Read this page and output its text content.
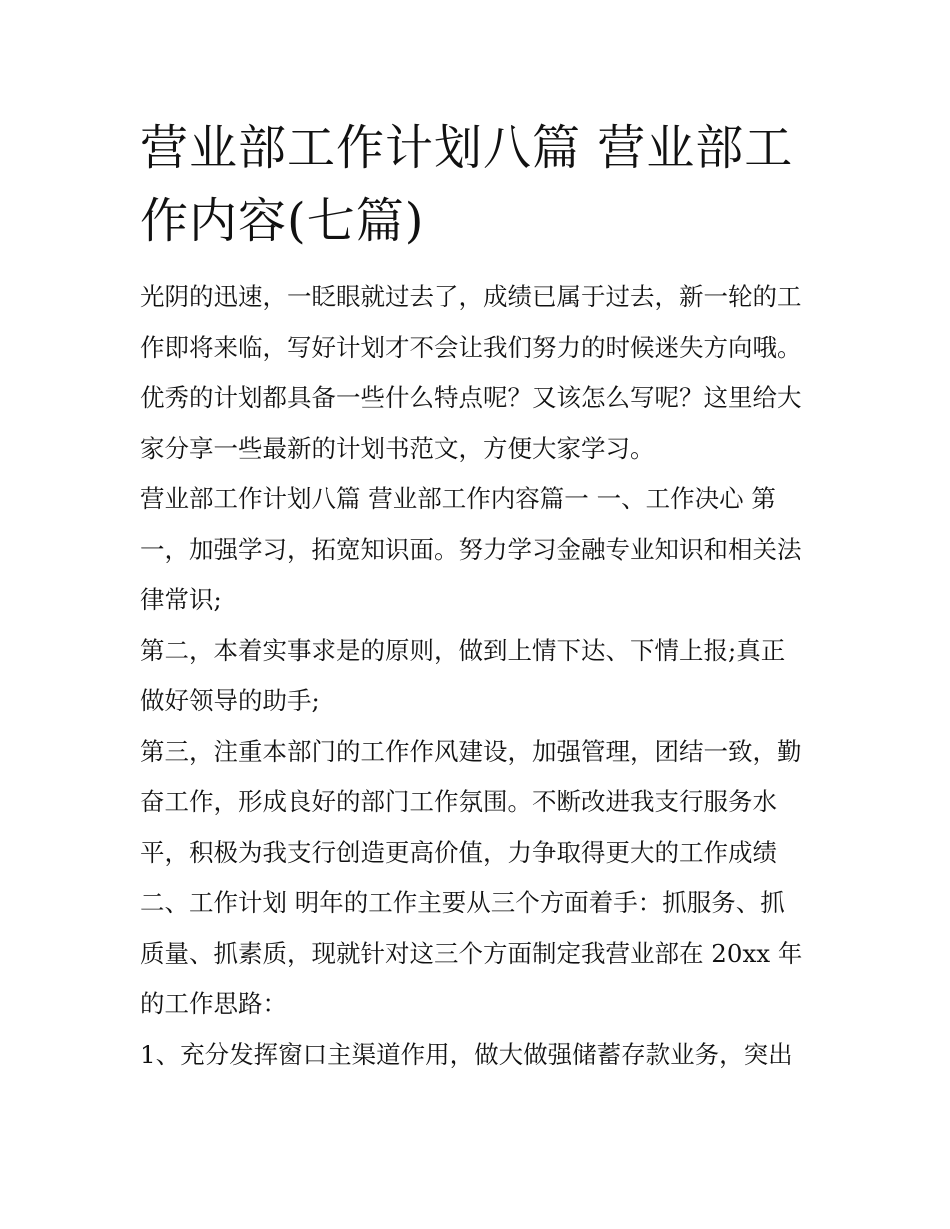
营业部工作计划八篇 营业部工
作内容(七篇)

光阴的迅速，一眨眼就过去了，成绩已属于过去，新一轮的工
作即将来临，写好计划才不会让我们努力的时候迷失方向哦。
优秀的计划都具备一些什么特点呢？又该怎么写呢？这里给大
家分享一些最新的计划书范文，方便大家学习。

营业部工作计划八篇 营业部工作内容篇一 一、工作决心 第
一，加强学习，拓宽知识面。努力学习金融专业知识和相关法
律常识;

第二，本着实事求是的原则，做到上情下达、下情上报;真正
做好领导的助手;

第三，注重本部门的工作作风建设，加强管理，团结一致，勤
奋工作，形成良好的部门工作氛围。不断改进我支行服务水
平，积极为我支行创造更高价值，力争取得更大的工作成绩
二、工作计划 明年的工作主要从三个方面着手：抓服务、抓
质量、抓素质，现就针对这三个方面制定我营业部在 20xx 年
的工作思路：

1、充分发挥窗口主渠道作用，做大做强储蓄存款业务，突出
